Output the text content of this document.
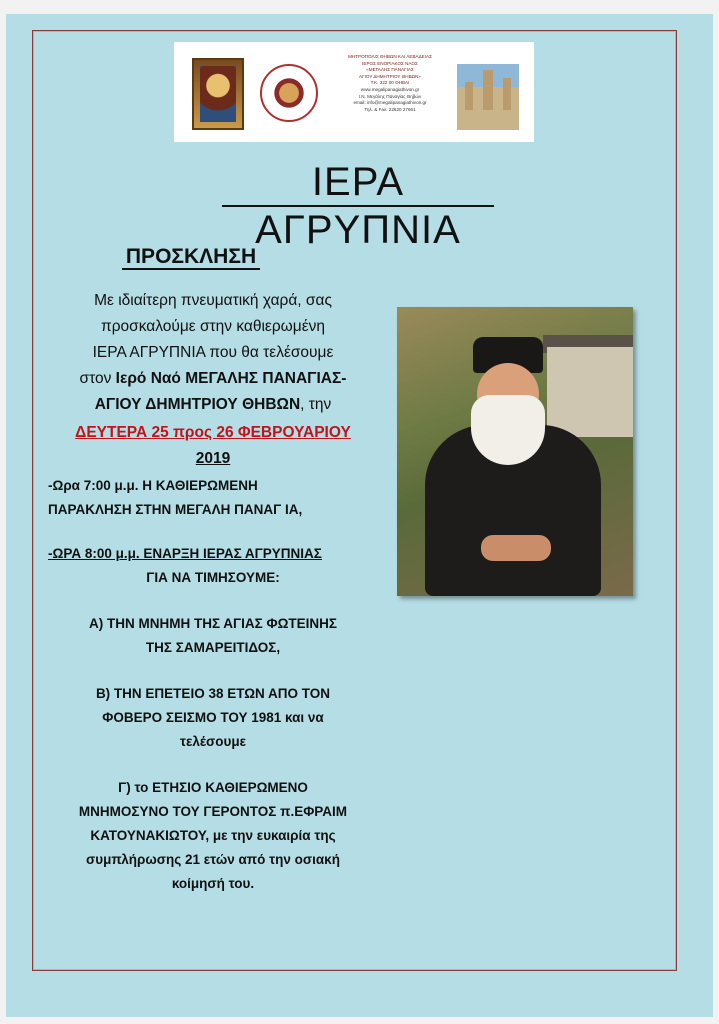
ΜΗΤΡΟΠΟΛΙΣ ΘΗΒΩΝ ΚΑΙ ΛΕΒΑΔΕΙΑΣ
ΙΕΡΟΣ ΕΝΟΡΙΑΚΟΣ ΝΑΟΣ
«ΜΕΓΑΛΗΣ ΠΑΝΑΓΙΑΣ
ΑΓΙΟΥ ΔΗΜΗΤΡΙΟΥ ΘΗΒΩΝ»
Τ.Κ. 322 00 ΘΗΒΑΙ
www.megalipanagiathivon.gr
Ι.Ν. Μεγάλης Παναγίας Θηβών
email: info@megalipanagiathivon.gr
Τηλ. & Fax: 22620 27661
ΙΕΡΑ ΑΓΡΥΠΝΙΑ
ΠΡΟΣΚΛΗΣΗ
Με ιδιαίτερη πνευματική χαρά, σας
προσκαλούμε στην καθιερωμένη
ΙΕΡΑ ΑΓΡΥΠΝΙΑ που θα τελέσουμε
στον Ιερό Ναό ΜΕΓΑΛΗΣ ΠΑΝΑΓΙΑΣ-
ΑΓΙΟΥ ΔΗΜΗΤΡΙΟΥ ΘΗΒΩΝ, την
ΔΕΥΤΕΡΑ 25 προς 26 ΦΕΒΡΟΥΑΡΙΟΥ
2019
-Ωρα 7:00 μ.μ. Η ΚΑΘΙΕΡΩΜΕΝΗ
ΠΑΡΑΚΛΗΣΗ ΣΤΗΝ ΜΕΓΑΛΗ ΠΑΝΑΓ ΙΑ,
-ΩΡΑ 8:00 μ.μ. ΕΝΑΡΞΗ ΙΕΡΑΣ ΑΓΡΥΠΝΙΑΣ
ΓΙΑ ΝΑ ΤΙΜΗΣΟΥΜΕ:
Α) ΤΗΝ ΜΝΗΜΗ ΤΗΣ ΑΓΙΑΣ ΦΩΤΕΙΝΗΣ
ΤΗΣ ΣΑΜΑΡΕΙΤΙΔΟΣ,
Β) ΤΗΝ ΕΠΕΤΕΙΟ 38 ΕΤΩΝ ΑΠΟ ΤΟΝ
ΦΟΒΕΡΟ ΣΕΙΣΜΟ ΤΟΥ 1981 και να
τελέσουμε
Γ) το ΕΤΗΣΙΟ ΚΑΘΙΕΡΩΜΕΝΟ
ΜΝΗΜΟΣΥΝΟ ΤΟΥ ΓΕΡΟΝΤΟΣ π.ΕΦΡΑΙΜ
ΚΑΤΟΥΝΑΚΙΩΤΟΥ, με την ευκαιρία της
συμπλήρωσης 21 ετών από την οσιακή
κοίμησή του.
